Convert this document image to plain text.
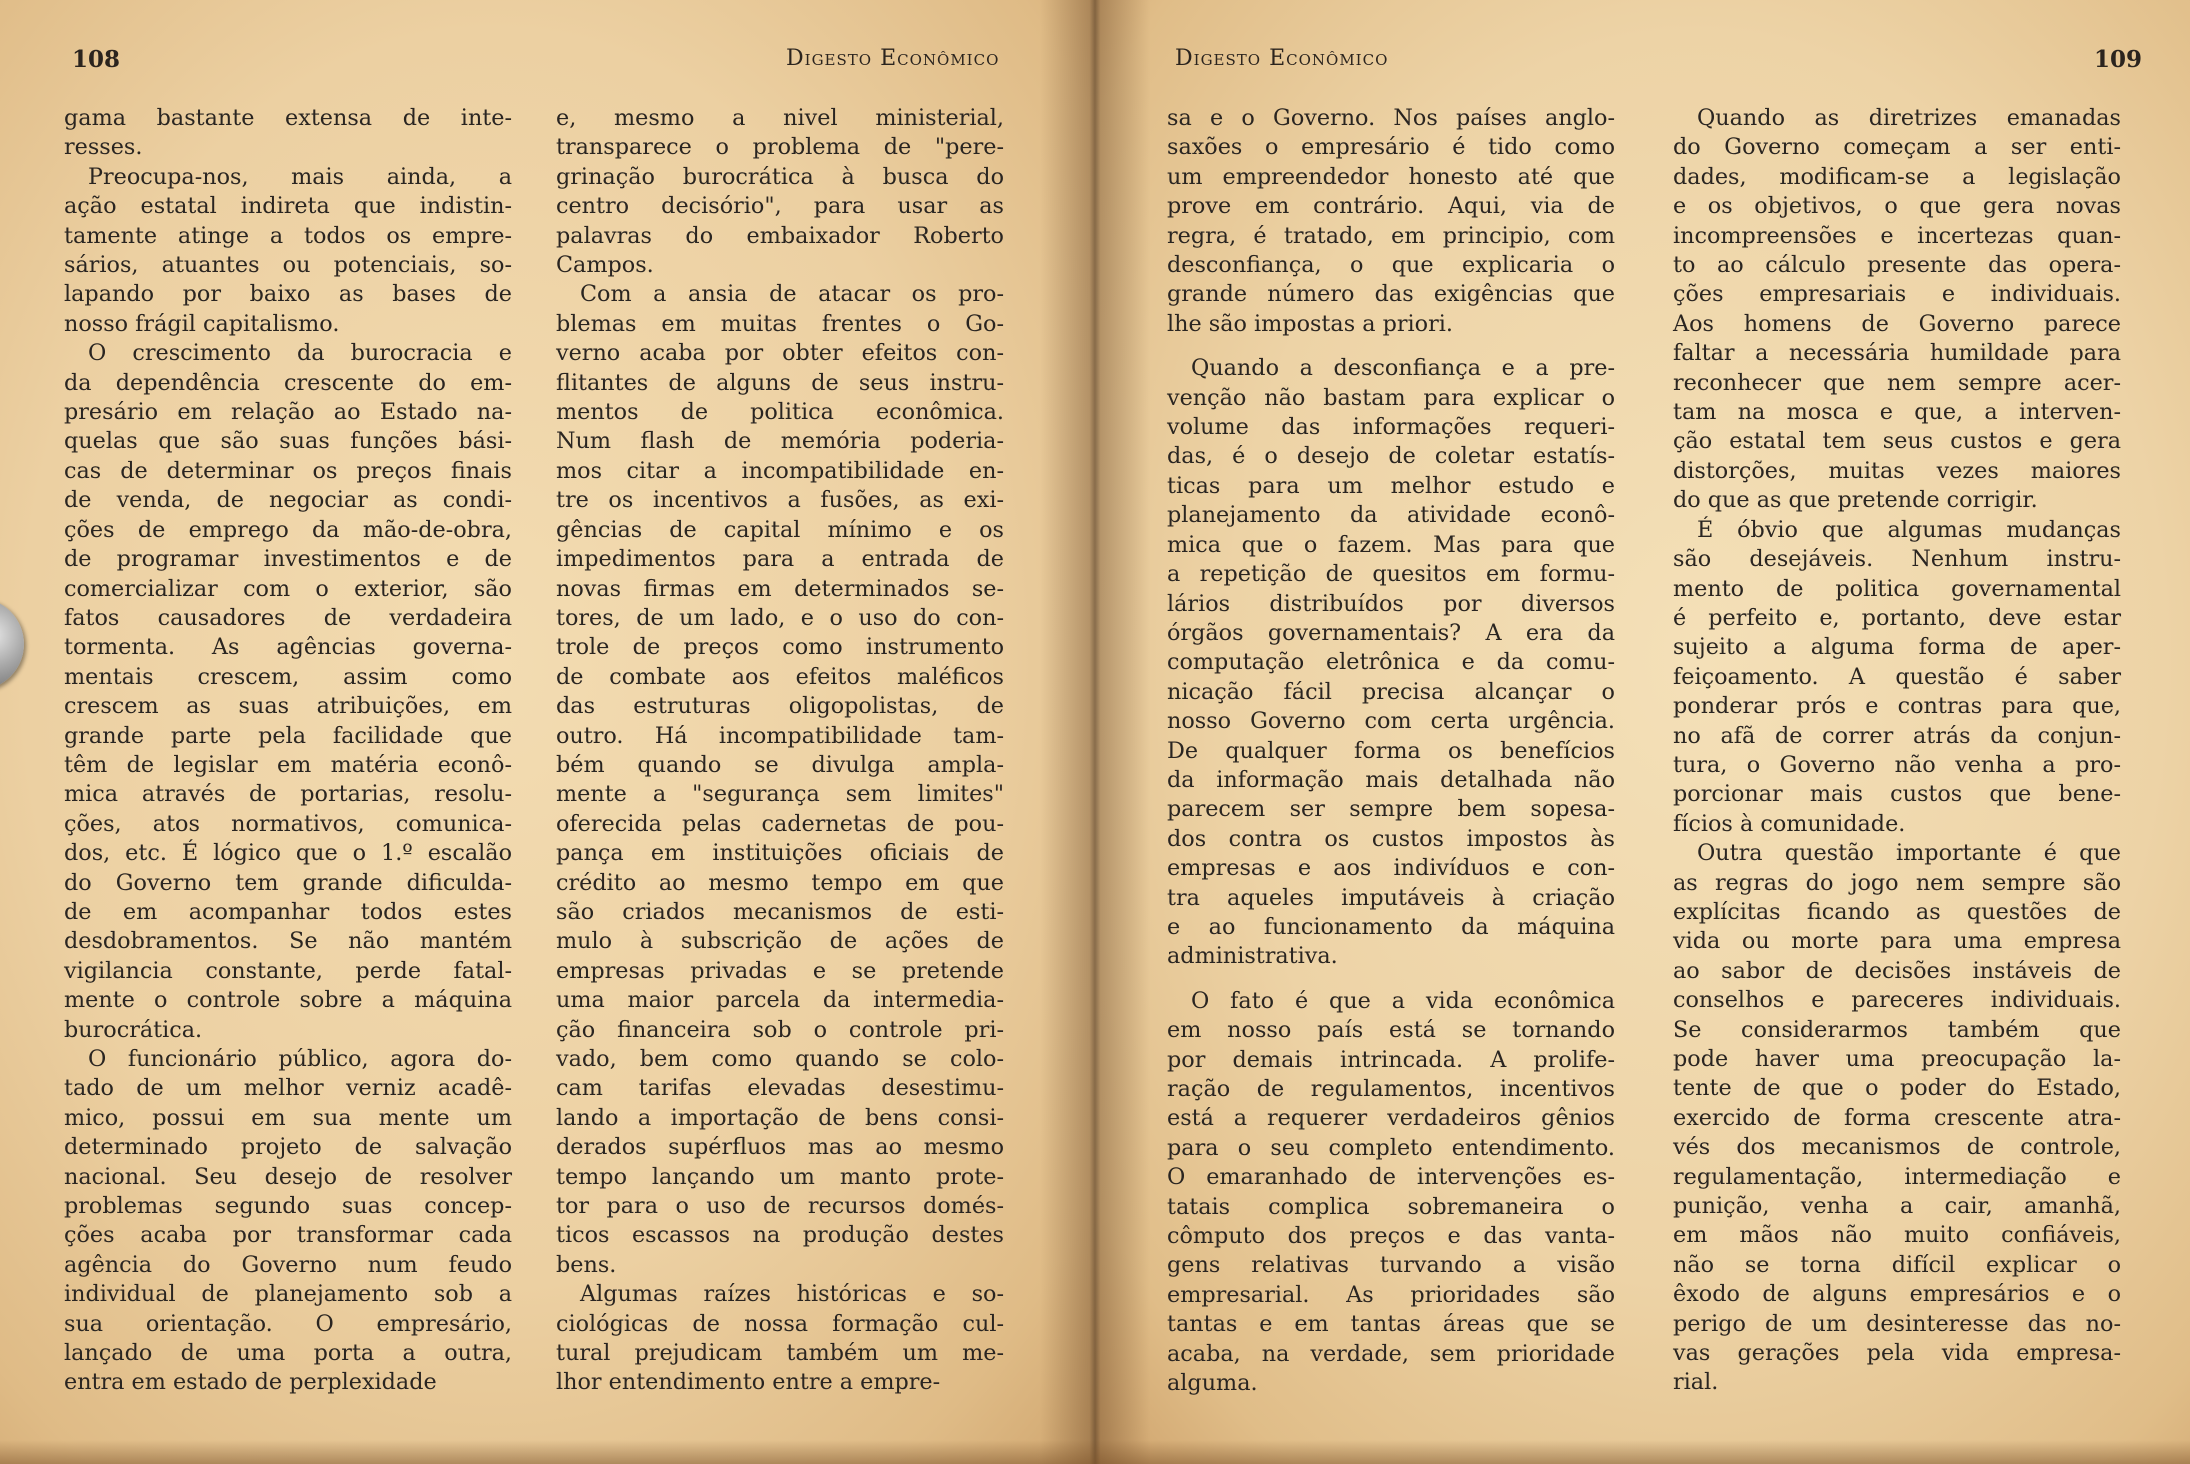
108	Digesto Econômico

gama bastante extensa de inte-
resses.

Preocupa-nos, mais ainda, a
ação estatal indireta que indistin-
tamente atinge a todos os empre-
sários, atuantes ou potenciais, so-
lapando por baixo as bases de
nosso frágil capitalismo.

O crescimento da burocracia e
da dependência crescente do em-
presário em relação ao Estado na-
quelas que são suas funções bási-
cas de determinar os preços finais
de venda, de negociar as condi-
ções de emprego da mão-de-obra,
de programar investimentos e de
comercializar com o exterior, são
fatos causadores de verdadeira
tormenta. As agências governa-
mentais crescem, assim como
crescem as suas atribuições, em
grande parte pela facilidade que
têm de legislar em matéria econô-
mica através de portarias, resolu-
ções, atos normativos, comunica-
dos, etc. É lógico que o 1.º escalão
do Governo tem grande dificulda-
de em acompanhar todos estes
desdobramentos. Se não mantém
vigilancia constante, perde fatal-
mente o controle sobre a máquina
burocrática.

O funcionário público, agora do-
tado de um melhor verniz acadê-
mico, possui em sua mente um
determinado projeto de salvação
nacional. Seu desejo de resolver
problemas segundo suas concep-
ções acaba por transformar cada
agência do Governo num feudo
individual de planejamento sob a
sua orientação. O empresário,
lançado de uma porta a outra,
entra em estado de perplexidade

e, mesmo a nivel ministerial,
transparece o problema de "pere-
grinação burocrática à busca do
centro decisório", para usar as
palavras do embaixador Roberto
Campos.

Com a ansia de atacar os pro-
blemas em muitas frentes o Go-
verno acaba por obter efeitos con-
flitantes de alguns de seus instru-
mentos de politica econômica.
Num flash de memória poderia-
mos citar a incompatibilidade en-
tre os incentivos a fusões, as exi-
gências de capital mínimo e os
impedimentos para a entrada de
novas firmas em determinados se-
tores, de um lado, e o uso do con-
trole de preços como instrumento
de combate aos efeitos maléficos
das estruturas oligopolistas, de
outro. Há incompatibilidade tam-
bém quando se divulga ampla-
mente a "segurança sem limites"
oferecida pelas cadernetas de pou-
pança em instituições oficiais de
crédito ao mesmo tempo em que
são criados mecanismos de esti-
mulo à subscrição de ações de
empresas privadas e se pretende
uma maior parcela da intermedia-
ção financeira sob o controle pri-
vado, bem como quando se colo-
cam tarifas elevadas desestimu-
lando a importação de bens consi-
derados supérfluos mas ao mesmo
tempo lançando um manto prote-
tor para o uso de recursos domés-
ticos escassos na produção destes
bens.

Algumas raízes históricas e so-
ciológicas de nossa formação cul-
tural prejudicam também um me-
lhor entendimento entre a empre-

Digesto Econômico	109

sa e o Governo. Nos países anglo-
saxões o empresário é tido como
um empreendedor honesto até que
prove em contrário. Aqui, via de
regra, é tratado, em principio, com
desconfiança, o que explicaria o
grande número das exigências que
lhe são impostas a priori.

Quando a desconfiança e a pre-
venção não bastam para explicar o
volume das informações requeri-
das, é o desejo de coletar estatís-
ticas para um melhor estudo e
planejamento da atividade econô-
mica que o fazem. Mas para que
a repetição de quesitos em formu-
lários distribuídos por diversos
órgãos governamentais? A era da
computação eletrônica e da comu-
nicação fácil precisa alcançar o
nosso Governo com certa urgência.
De qualquer forma os benefícios
da informação mais detalhada não
parecem ser sempre bem sopesa-
dos contra os custos impostos às
empresas e aos indivíduos e con-
tra aqueles imputáveis à criação
e ao funcionamento da máquina
administrativa.

O fato é que a vida econômica
em nosso país está se tornando
por demais intrincada. A prolife-
ração de regulamentos, incentivos
está a requerer verdadeiros gênios
para o seu completo entendimento.
O emaranhado de intervenções es-
tatais complica sobremaneira o
cômputo dos preços e das vanta-
gens relativas turvando a visão
empresarial. As prioridades são
tantas e em tantas áreas que se
acaba, na verdade, sem prioridade
alguma.

Quando as diretrizes emanadas
do Governo começam a ser enti-
dades, modificam-se a legislação
e os objetivos, o que gera novas
incompreensões e incertezas quan-
to ao cálculo presente das opera-
ções empresariais e individuais.
Aos homens de Governo parece
faltar a necessária humildade para
reconhecer que nem sempre acer-
tam na mosca e que, a interven-
ção estatal tem seus custos e gera
distorções, muitas vezes maiores
do que as que pretende corrigir.

É óbvio que algumas mudanças
são desejáveis. Nenhum instru-
mento de politica governamental
é perfeito e, portanto, deve estar
sujeito a alguma forma de aper-
feiçoamento. A questão é saber
ponderar prós e contras para que,
no afã de correr atrás da conjun-
tura, o Governo não venha a pro-
porcionar mais custos que bene-
fícios à comunidade.

Outra questão importante é que
as regras do jogo nem sempre são
explícitas ficando as questões de
vida ou morte para uma empresa
ao sabor de decisões instáveis de
conselhos e pareceres individuais.
Se considerarmos também que
pode haver uma preocupação la-
tente de que o poder do Estado,
exercido de forma crescente atra-
vés dos mecanismos de controle,
regulamentação, intermediação e
punição, venha a cair, amanhã,
em mãos não muito confiáveis,
não se torna difícil explicar o
êxodo de alguns empresários e o
perigo de um desinteresse das no-
vas gerações pela vida empresa-
rial.
